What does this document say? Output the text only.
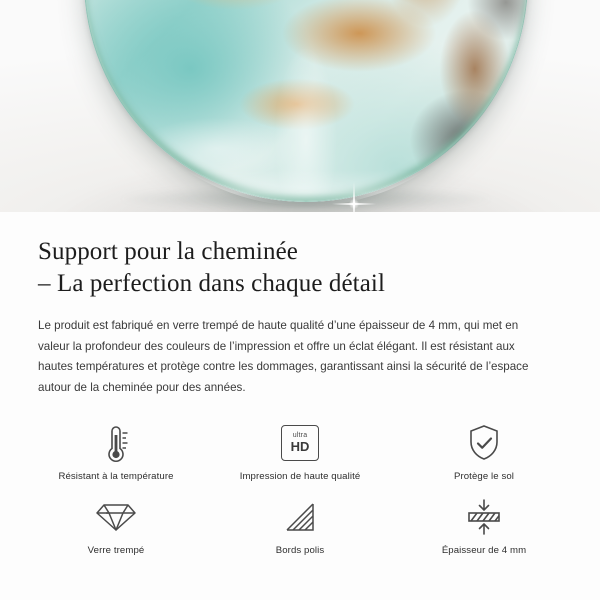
Support pour la cheminée
– La perfection dans chaque détail

Le produit est fabriqué en verre trempé de haute qualité d’une épaisseur de 4 mm, qui met en valeur la profondeur des couleurs de l’impression et offre un éclat élégant. Il est résistant aux hautes températures et protège contre les dommages, garantissant ainsi la sécurité de l’espace autour de la cheminée pour des années.

Résistant à la température
ultra
HD
Impression de haute qualité	Protège le sol
Verre trempé	Bords polis	Épaisseur de 4 mm
